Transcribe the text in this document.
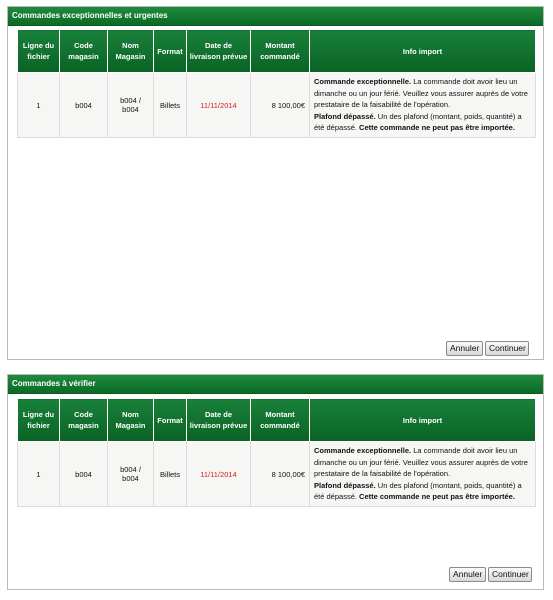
Commandes exceptionnelles et urgentes
Ligne du fichier	Code magasin	Nom Magasin	Format	Date de livraison prévue	Montant commandé	Info import
1	b004	b004 / b004	Billets	11/11/2014	8 100,00€	Commande exceptionnelle. La commande doit avoir lieu un dimanche ou un jour férié. Veuillez vous assurer auprès de votre prestataire de la faisabilité de l'opération.
Plafond dépassé. Un des plafond (montant, poids, quantité) a été dépassé. Cette commande ne peut pas être importée.
Annuler	Continuer
Commandes à vérifier
Ligne du fichier	Code magasin	Nom Magasin	Format	Date de livraison prévue	Montant commandé	Info import
1	b004	b004 / b004	Billets	11/11/2014	8 100,00€	Commande exceptionnelle. La commande doit avoir lieu un dimanche ou un jour férié. Veuillez vous assurer auprès de votre prestataire de la faisabilité de l'opération.
Plafond dépassé. Un des plafond (montant, poids, quantité) a été dépassé. Cette commande ne peut pas être importée.
Annuler	Continuer
